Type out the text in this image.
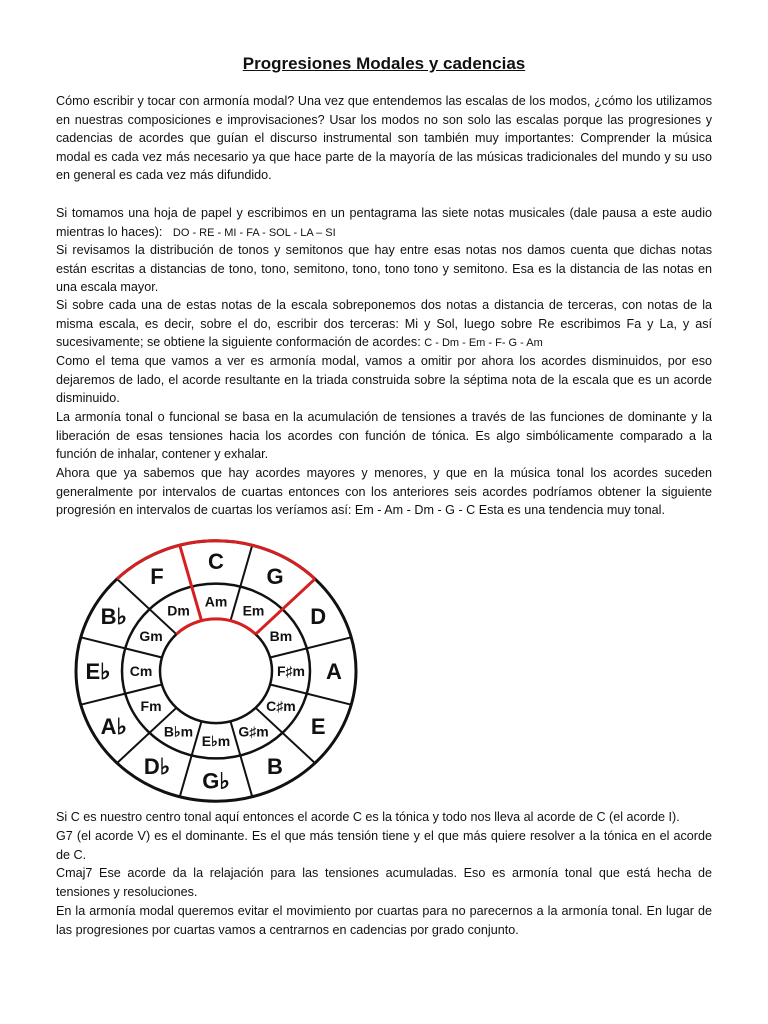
Progresiones Modales y cadencias

Cómo escribir y tocar con armonía modal? Una vez que entendemos las escalas de los modos, ¿cómo los utilizamos en nuestras composiciones e improvisaciones? Usar los modos no son solo las escalas porque las progresiones y cadencias de acordes que guían el discurso instrumental son también muy importantes: Comprender la música modal es cada vez más necesario ya que hace parte de la mayoría de las músicas tradicionales del mundo y su uso en general es cada vez más difundido.

Si tomamos una hoja de papel y escribimos en un pentagrama las siete notas musicales (dale pausa a este audio mientras lo haces): DO - RE - MI - FA - SOL - LA – SI

Si revisamos la distribución de tonos y semitonos que hay entre esas notas nos damos cuenta que dichas notas están escritas a distancias de tono, tono, semitono, tono, tono tono y semitono. Esa es la distancia de las notas en una escala mayor.

Si sobre cada una de estas notas de la escala sobreponemos dos notas a distancia de terceras, con notas de la misma escala, es decir, sobre el do, escribir dos terceras: Mi y Sol, luego sobre Re escribimos Fa y La, y así sucesivamente; se obtiene la siguiente conformación de acordes: C - Dm - Em - F- G - Am

Como el tema que vamos a ver es armonía modal, vamos a omitir por ahora los acordes disminuidos, por eso dejaremos de lado, el acorde resultante en la triada construida sobre la séptima nota de la escala que es un acorde disminuido.

La armonía tonal o funcional se basa en la acumulación de tensiones a través de las funciones de dominante y la liberación de esas tensiones hacia los acordes con función de tónica. Es algo simbólicamente comparado a la función de inhalar, contener y exhalar.

Ahora que ya sabemos que hay acordes mayores y menores, y que en la música tonal los acordes suceden generalmente por intervalos de cuartas entonces con los anteriores seis acordes podríamos obtener la siguiente progresión en intervalos de cuartas los veríamos así: Em - Am - Dm - G - C Esta es una tendencia muy tonal.

Si C es nuestro centro tonal aquí entonces el acorde C es la tónica y todo nos lleva al acorde de C (el acorde I).

G7 (el acorde V) es el dominante. Es el que más tensión tiene y el que más quiere resolver a la tónica en el acorde de C.

Cmaj7 Ese acorde da la relajación para las tensiones acumuladas. Eso es armonía tonal que está hecha de tensiones y resoluciones.

En la armonía modal queremos evitar el movimiento por cuartas para no parecernos a la armonía tonal. En lugar de las progresiones por cuartas vamos a centrarnos en cadencias por grado conjunto.

C
G
D
A
E
B
G♭
D♭
A♭
E♭
B♭
F
Am
Em
Bm
F♯m
C♯m
G♯m
E♭m
B♭m
Fm
Cm
Gm
Dm
